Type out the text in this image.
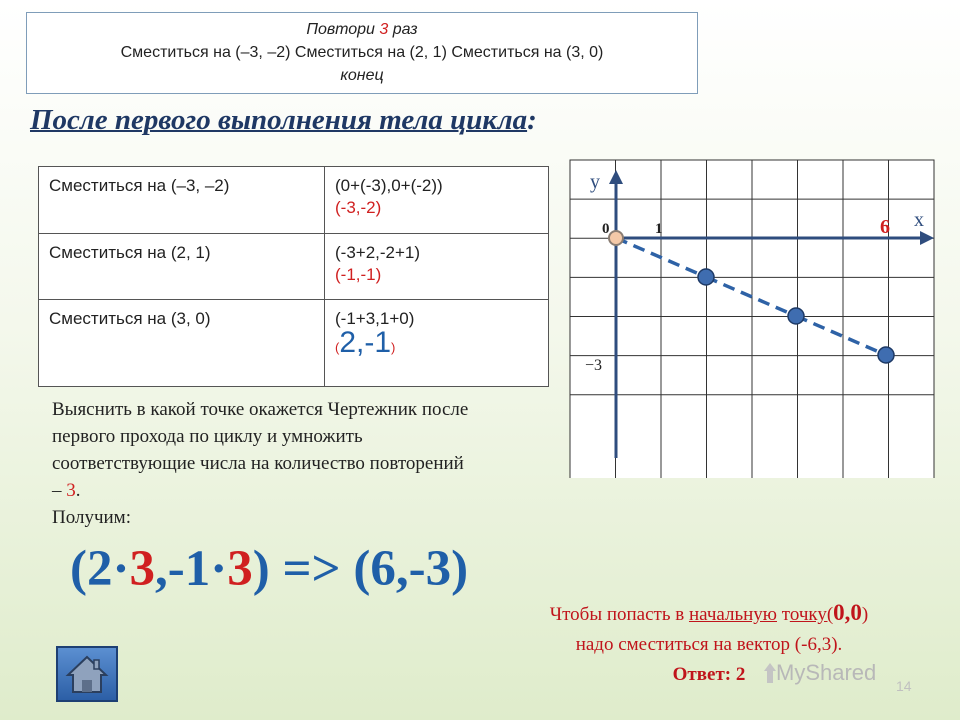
Повтори 3 раз
Сместиться на (–3, –2) Сместиться на (2, 1) Сместиться на (3, 0)
конец
После первого выполнения тела цикла:
Сместиться на (–3, –2)	(0+(-3),0+(-2))
(-3,-2)

Сместиться на (2, 1)	(-3+2,-2+1)
(-1,-1)

Сместиться на (3, 0)	(-1+3,1+0)
(2,-1)
Выяснить в какой точке окажется Чертежник после первого прохода по циклу и умножить соответствующие числа на количество повторений – 3.
Получим:
(2·3,-1·3) => (6,-3)
y
x
0	1	6
−3
Чтобы попасть в начальную точку(0,0)
надо сместиться на вектор (-6,3).
Ответ: 2	MyShared
14
